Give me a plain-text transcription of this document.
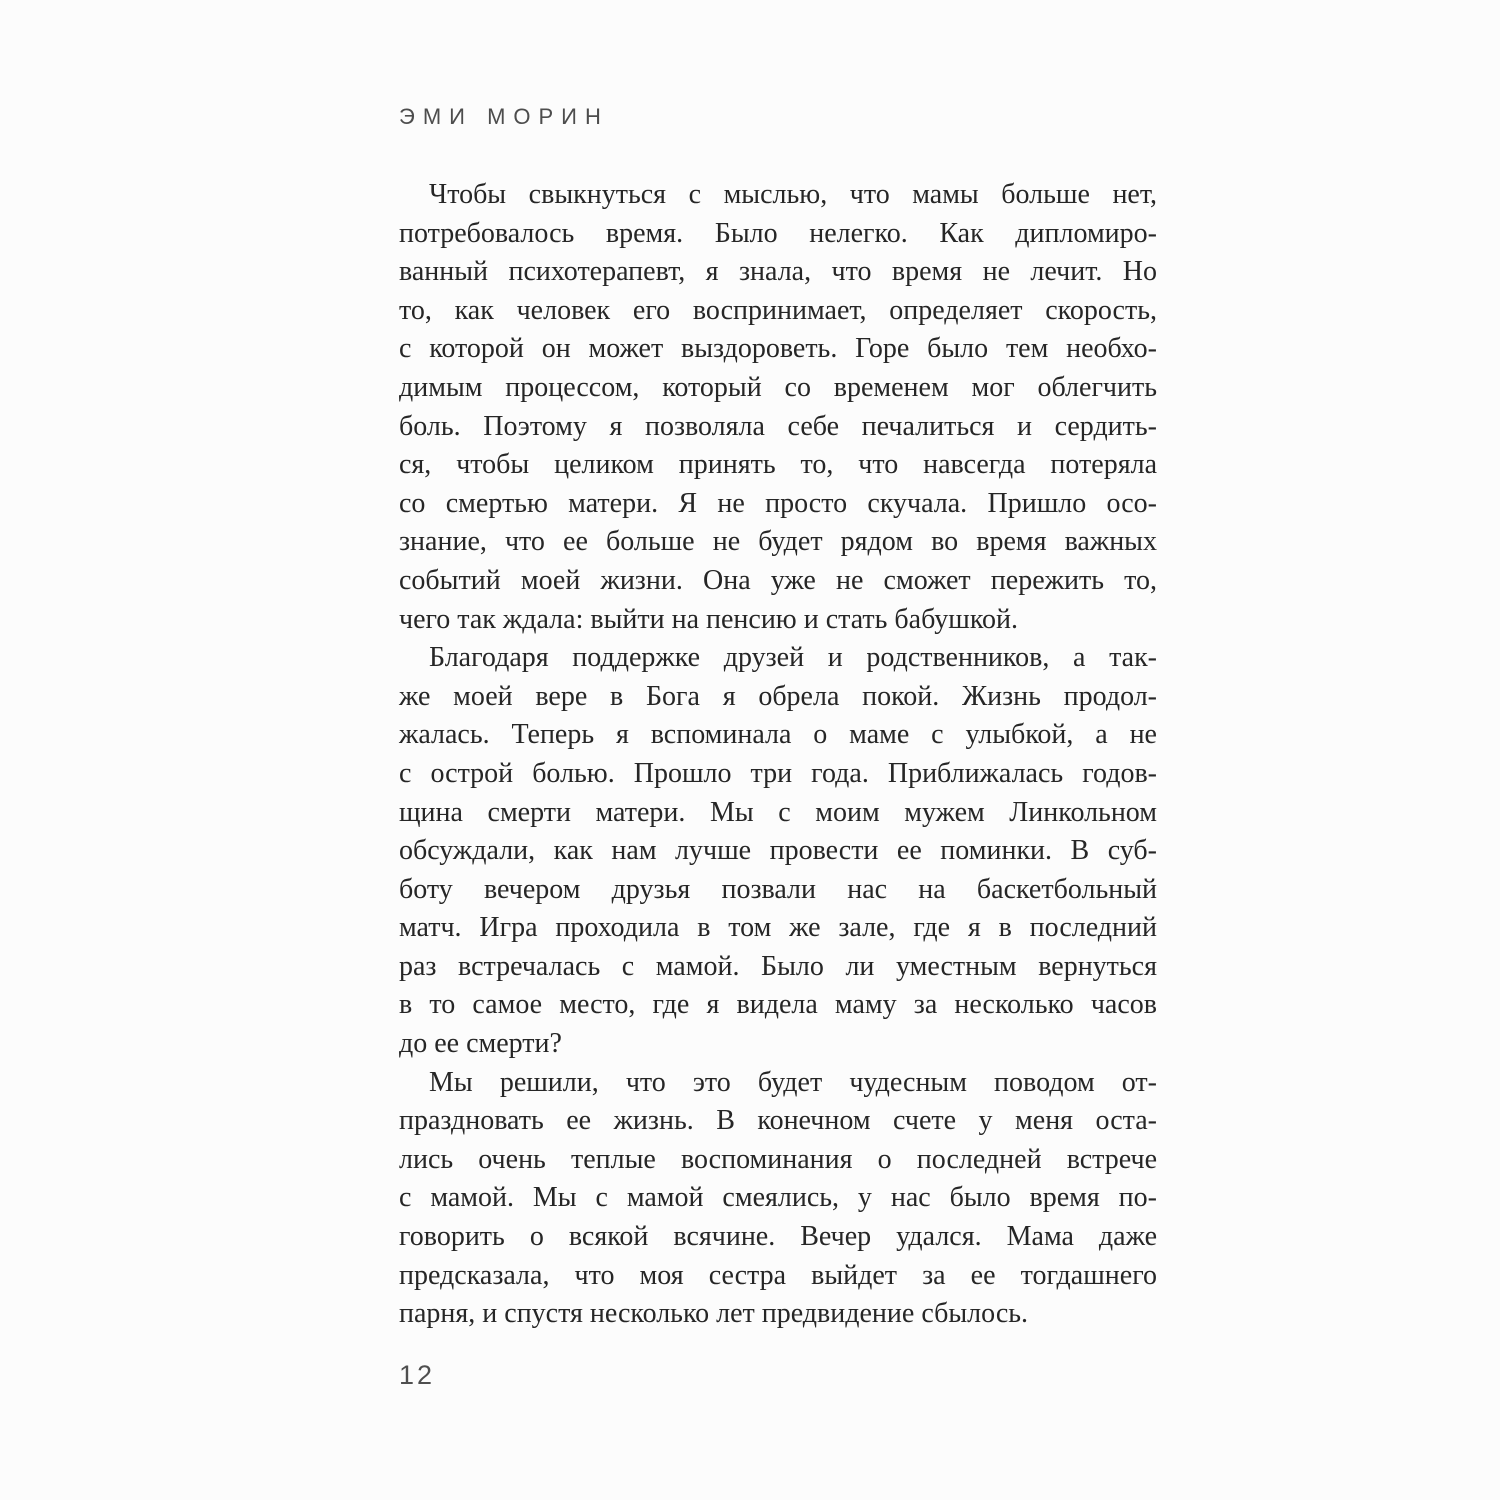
ЭМИ МОРИН
Чтобы свыкнуться с мыслью, что мамы больше нет,
потребовалось время. Было нелегко. Как дипломиро-
ванный психотерапевт, я знала, что время не лечит. Но
то, как человек его воспринимает, определяет скорость,
с которой он может выздороветь. Горе было тем необхо-
димым процессом, который со временем мог облегчить
боль. Поэтому я позволяла себе печалиться и сердить-
ся, чтобы целиком принять то, что навсегда потеряла
со смертью матери. Я не просто скучала. Пришло осо-
знание, что ее больше не будет рядом во время важных
событий моей жизни. Она уже не сможет пережить то,
чего так ждала: выйти на пенсию и стать бабушкой.
Благодаря поддержке друзей и родственников, а так-
же моей вере в Бога я обрела покой. Жизнь продол-
жалась. Теперь я вспоминала о маме с улыбкой, а не
с острой болью. Прошло три года. Приближалась годов-
щина смерти матери. Мы с моим мужем Линкольном
обсуждали, как нам лучше провести ее поминки. В суб-
боту вечером друзья позвали нас на баскетбольный
матч. Игра проходила в том же зале, где я в последний
раз встречалась с мамой. Было ли уместным вернуться
в то самое место, где я видела маму за несколько часов
до ее смерти?
Мы решили, что это будет чудесным поводом от-
праздновать ее жизнь. В конечном счете у меня оста-
лись очень теплые воспоминания о последней встрече
с мамой. Мы с мамой смеялись, у нас было время по-
говорить о всякой всячине. Вечер удался. Мама даже
предсказала, что моя сестра выйдет за ее тогдашнего
парня, и спустя несколько лет предвидение сбылось.
12
